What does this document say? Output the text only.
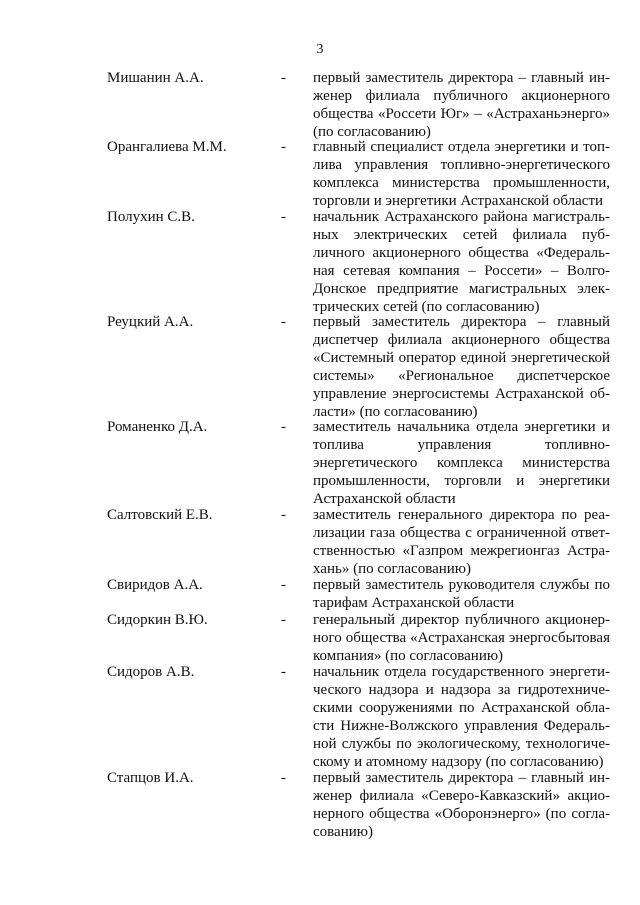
3
Мишанин А.А.	- первый заместитель директора – главный ин-
женер филиала публичного акционерного
общества «Россети Юг» – «Астраханьэнерго»
(по согласованию)
Орангалиева М.М.	- главный специалист отдела энергетики и топ-
лива управления топливно-энергетического
комплекса министерства промышленности,
торговли и энергетики Астраханской области
Полухин С.В.	- начальник Астраханского района магистраль-
ных электрических сетей филиала пуб-
личного акционерного общества «Федераль-
ная сетевая компания – Россети» – Волго-
Донское предприятие магистральных элек-
трических сетей (по согласованию)
Реуцкий А.А.	- первый заместитель директора – главный
диспетчер филиала акционерного общества
«Системный оператор единой энергетической
системы» «Региональное диспетчерское
управление энергосистемы Астраханской об-
ласти» (по согласованию)
Романенко Д.А.	- заместитель начальника отдела энергетики и
топлива управления топливно-
энергетического комплекса министерства
промышленности, торговли и энергетики
Астраханской области
Салтовский Е.В.	- заместитель генерального директора по реа-
лизации газа общества с ограниченной ответ-
ственностью «Газпром межрегионгаз Астра-
хань» (по согласованию)
Свиридов А.А.	- первый заместитель руководителя службы по
тарифам Астраханской области
Сидоркин В.Ю.	- генеральный директор публичного акционер-
ного общества «Астраханская энергосбытовая
компания» (по согласованию)
Сидоров А.В.	- начальник отдела государственного энергети-
ческого надзора и надзора за гидротехниче-
скими сооружениями по Астраханской обла-
сти Нижне-Волжского управления Федераль-
ной службы по экологическому, технологиче-
скому и атомному надзору (по согласованию)
Стапцов И.А.	- первый заместитель директора – главный ин-
женер филиала «Северо-Кавказский» акцио-
нерного общества «Оборонэнерго» (по согла-
сованию)
